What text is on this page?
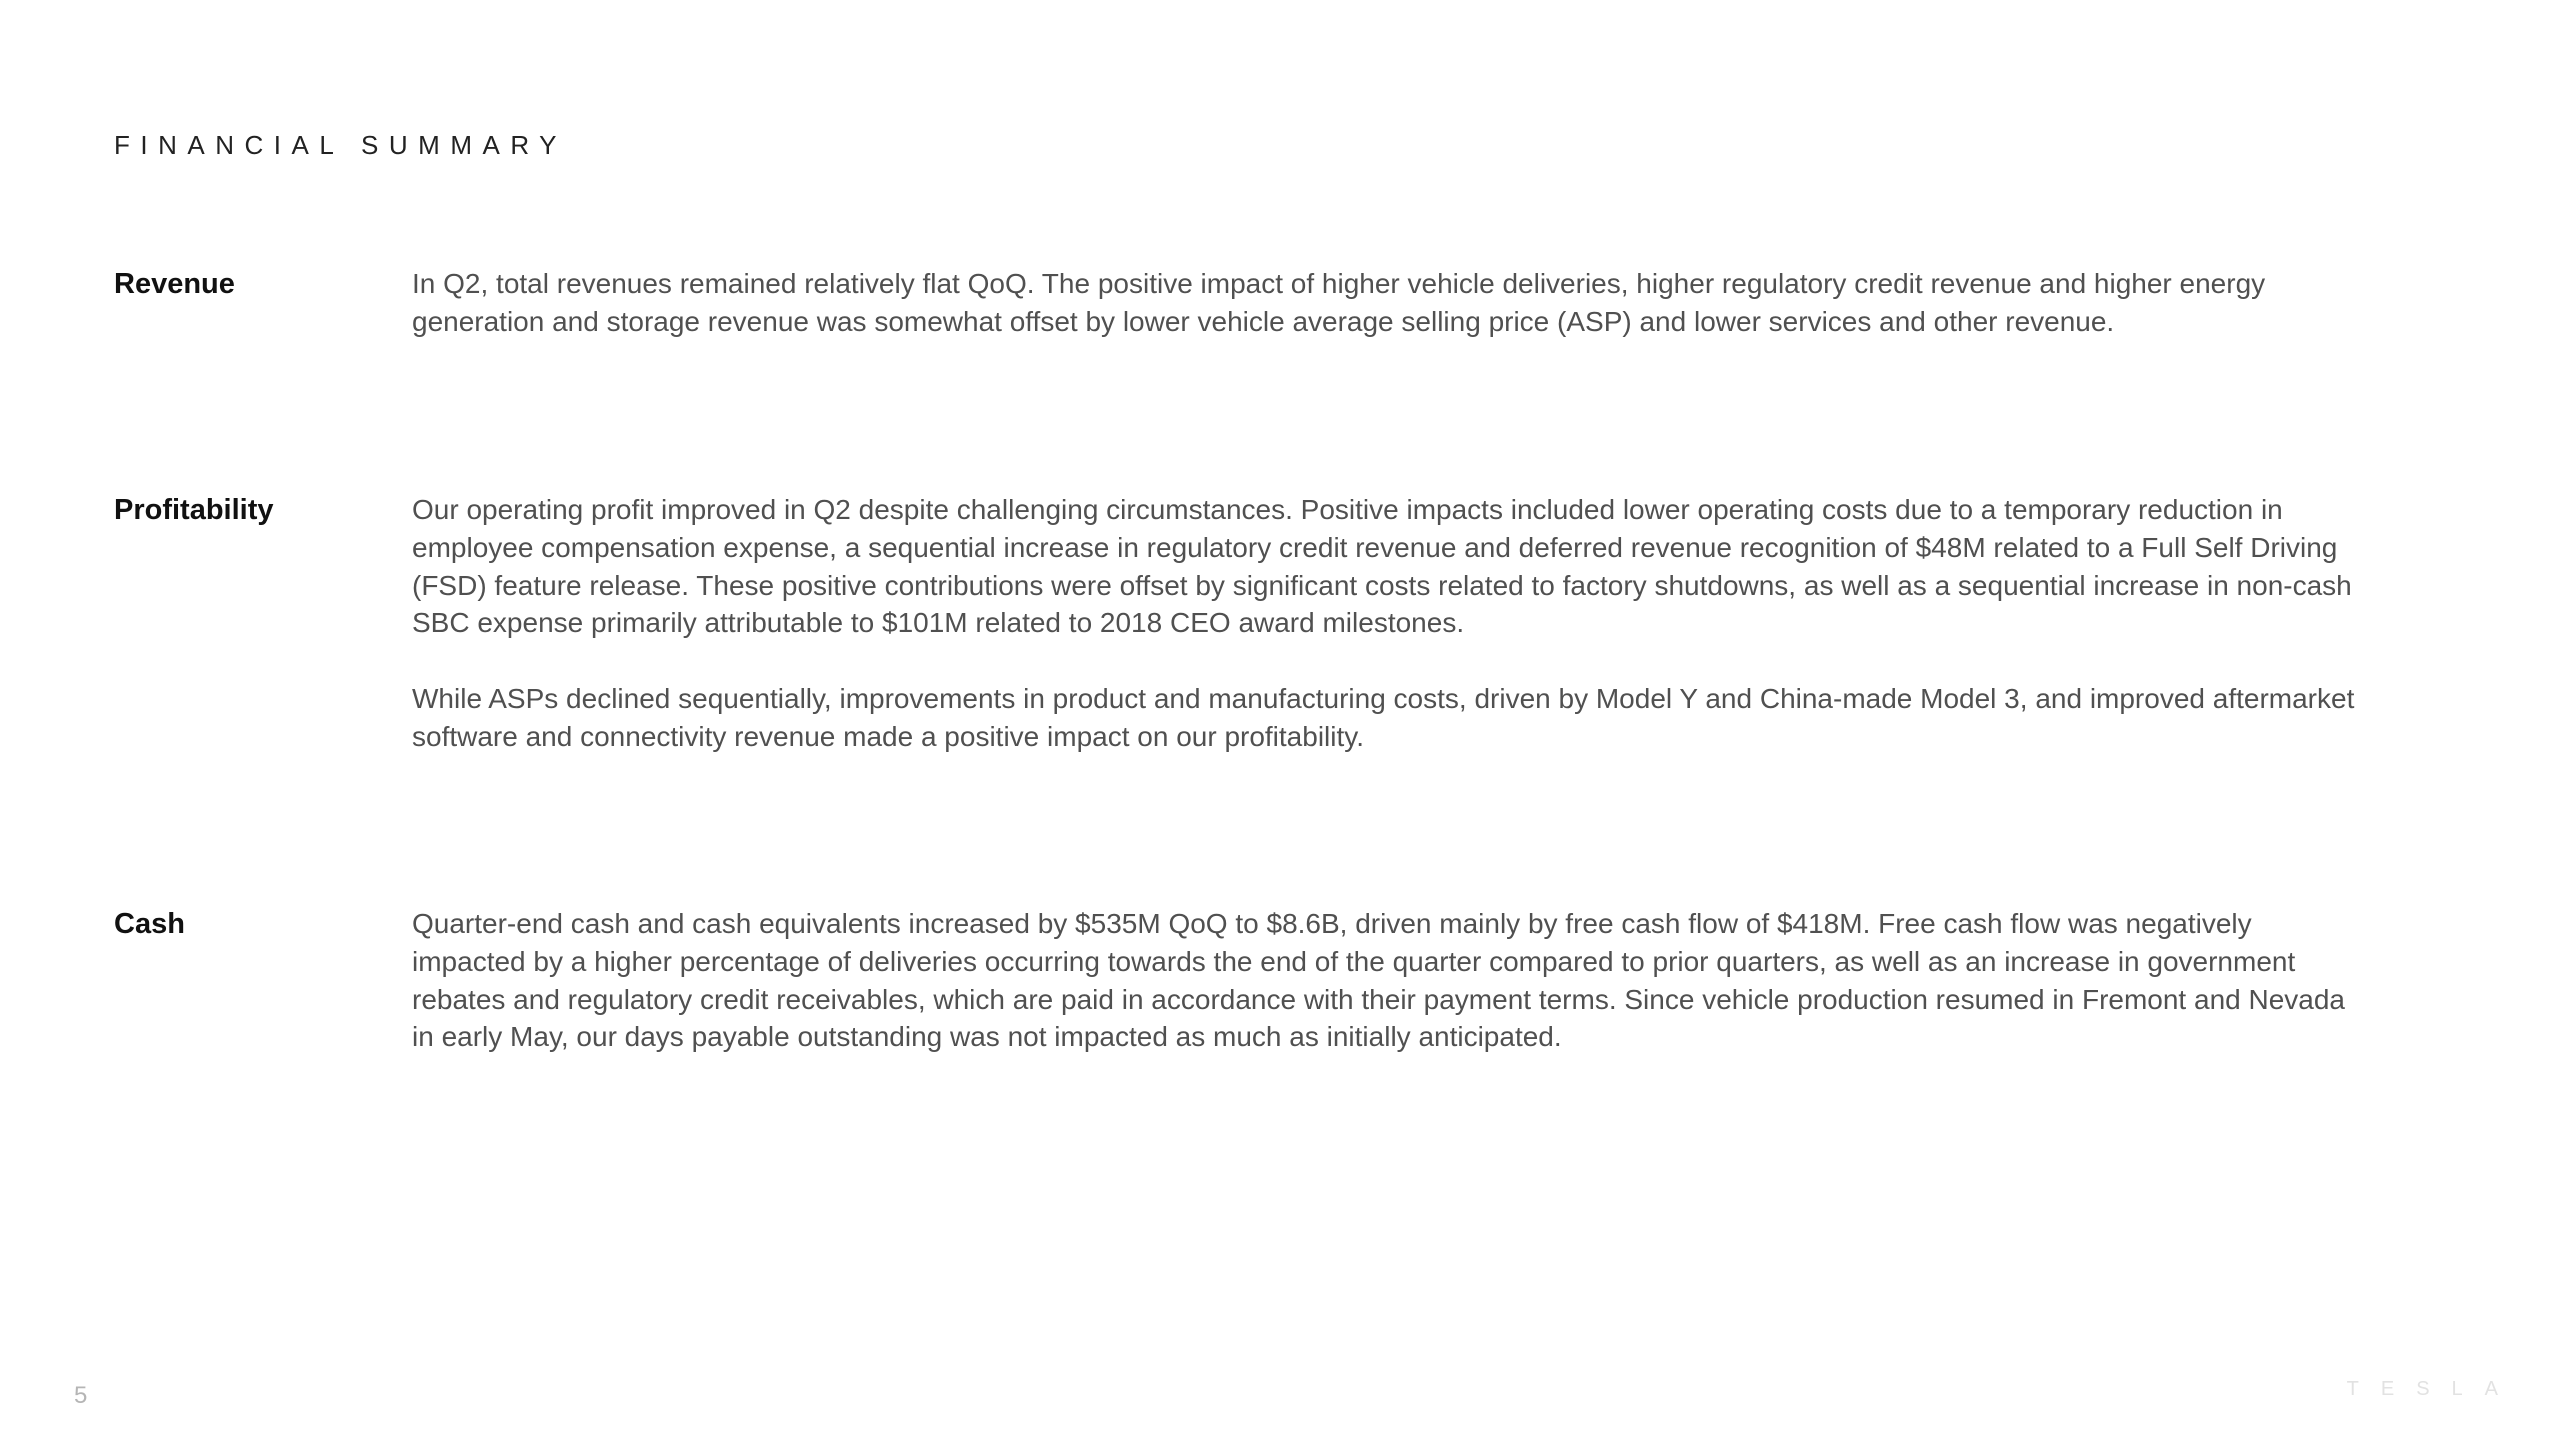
FINANCIAL SUMMARY
Revenue	In Q2, total revenues remained relatively flat QoQ. The positive impact of higher vehicle deliveries, higher regulatory credit revenue and higher energy generation and storage revenue was somewhat offset by lower vehicle average selling price (ASP) and lower services and other revenue.

Profitability	Our operating profit improved in Q2 despite challenging circumstances. Positive impacts included lower operating costs due to a temporary reduction in employee compensation expense, a sequential increase in regulatory credit revenue and deferred revenue recognition of $48M related to a Full Self Driving (FSD) feature release. These positive contributions were offset by significant costs related to factory shutdowns, as well as a sequential increase in non-cash SBC expense primarily attributable to $101M related to 2018 CEO award milestones.

While ASPs declined sequentially, improvements in product and manufacturing costs, driven by Model Y and China-made Model 3, and improved aftermarket software and connectivity revenue made a positive impact on our profitability.

Cash	Quarter-end cash and cash equivalents increased by $535M QoQ to $8.6B, driven mainly by free cash flow of $418M. Free cash flow was negatively impacted by a higher percentage of deliveries occurring towards the end of the quarter compared to prior quarters, as well as an increase in government rebates and regulatory credit receivables, which are paid in accordance with their payment terms. Since vehicle production resumed in Fremont and Nevada in early May, our days payable outstanding was not impacted as much as initially anticipated.

5	TESLA
